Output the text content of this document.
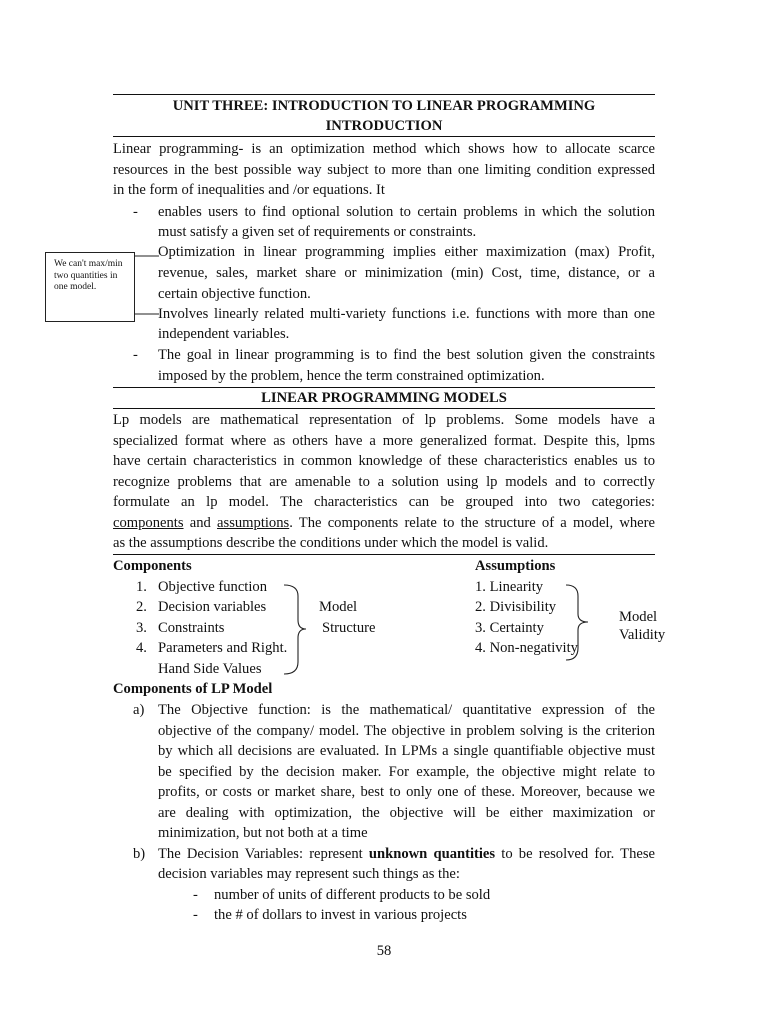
UNIT THREE: INTRODUCTION TO LINEAR PROGRAMMING
INTRODUCTION
Linear programming- is an optimization method which shows how to allocate scarce
resources in the best possible way subject to more than one limiting condition expressed
in the form of inequalities and /or equations. It
We can't max/min two quantities in one model.
- enables users to find optional solution to certain problems in which the solution
must satisfy a given set of requirements or constraints.
Optimization in linear programming implies either maximization (max) Profit,
revenue, sales, market share or minimization (min) Cost, time, distance, or a
certain objective function.
Involves linearly related multi-variety functions i.e. functions with more than one
independent variables.
- The goal in linear programming is to find the best solution given the constraints
imposed by the problem, hence the term constrained optimization.
LINEAR PROGRAMMING MODELS
Lp models are mathematical representation of lp problems. Some models have a
specialized format where as others have a more generalized format. Despite this, lpms
have certain characteristics in common knowledge of these characteristics enables us to
recognize problems that are amenable to a solution using lp models and to correctly
formulate an lp model. The characteristics can be grouped into two categories:
components and assumptions. The components relate to the structure of a model, where
as the assumptions describe the conditions under which the model is valid.
Components	Assumptions
1. Objective function
2. Decision variables
3. Constraints
4. Parameters and Right.
Hand Side Values
Model
Structure
1. Linearity
2. Divisibility
3. Certainty
4. Non-negativity
Model
Validity
Components of LP Model
a) The Objective function: is the mathematical/ quantitative expression of the
objective of the company/ model. The objective in problem solving is the criterion
by which all decisions are evaluated. In LPMs a single quantifiable objective must
be specified by the decision maker. For example, the objective might relate to
profits, or costs or market share, best to only one of these. Moreover, because we
are dealing with optimization, the objective will be either maximization or
minimization, but not both at a time
b) The Decision Variables: represent unknown quantities to be resolved for. These
decision variables may represent such things as the:
- number of units of different products to be sold
- the # of dollars to invest in various projects
58
